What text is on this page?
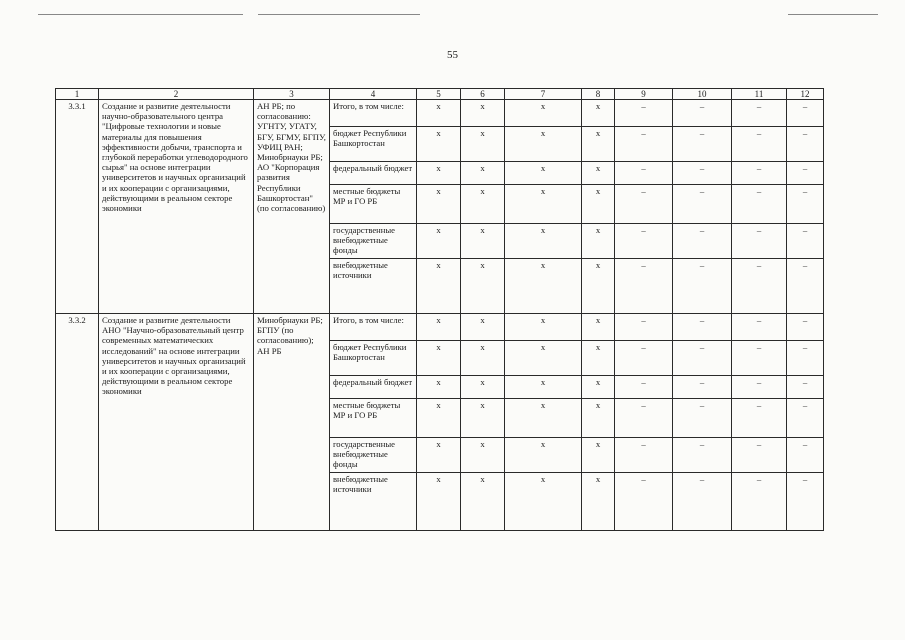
55
1	2	3	4	5	6	7	8	9	10	11	12
3.3.1	Создание и развитие деятельности научно-образовательного центра "Цифровые технологии и новые материалы для повышения эффективности добычи, транспорта и глубокой переработки углеводородного сырья" на основе интеграции университетов и научных организаций и их кооперации с организациями, действующими в реальном секторе экономики	АН РБ; по согласованию: УГНТУ, УГАТУ, БГУ, БГМУ, БГПУ, УФИЦ РАН; Минобрнауки РБ; АО "Корпорация развития Республики Башкортостан" (по согласованию)	Итого, в том числе:	x	x	x	x	–	–	–	–
			бюджет Республики Башкортостан	x	x	x	x	–	–	–	–
			федеральный бюджет	x	x	x	x	–	–	–	–
			местные бюджеты МР и ГО РБ	x	x	x	x	–	–	–	–
			государственные внебюджетные фонды	x	x	x	x	–	–	–	–
			внебюджетные источники	x	x	x	x	–	–	–	–
3.3.2	Создание и развитие деятельности АНО "Научно-образовательный центр современных математических исследований" на основе интеграции университетов и научных организаций и их кооперации с организациями, действующими в реальном секторе экономики	Минобрнауки РБ; БГПУ (по согласованию); АН РБ	Итого, в том числе:	x	x	x	x	–	–	–	–
			бюджет Республики Башкортостан	x	x	x	x	–	–	–	–
			федеральный бюджет	x	x	x	x	–	–	–	–
			местные бюджеты МР и ГО РБ	x	x	x	x	–	–	–	–
			государственные внебюджетные фонды	x	x	x	x	–	–	–	–
			внебюджетные источники	x	x	x	x	–	–	–	–
